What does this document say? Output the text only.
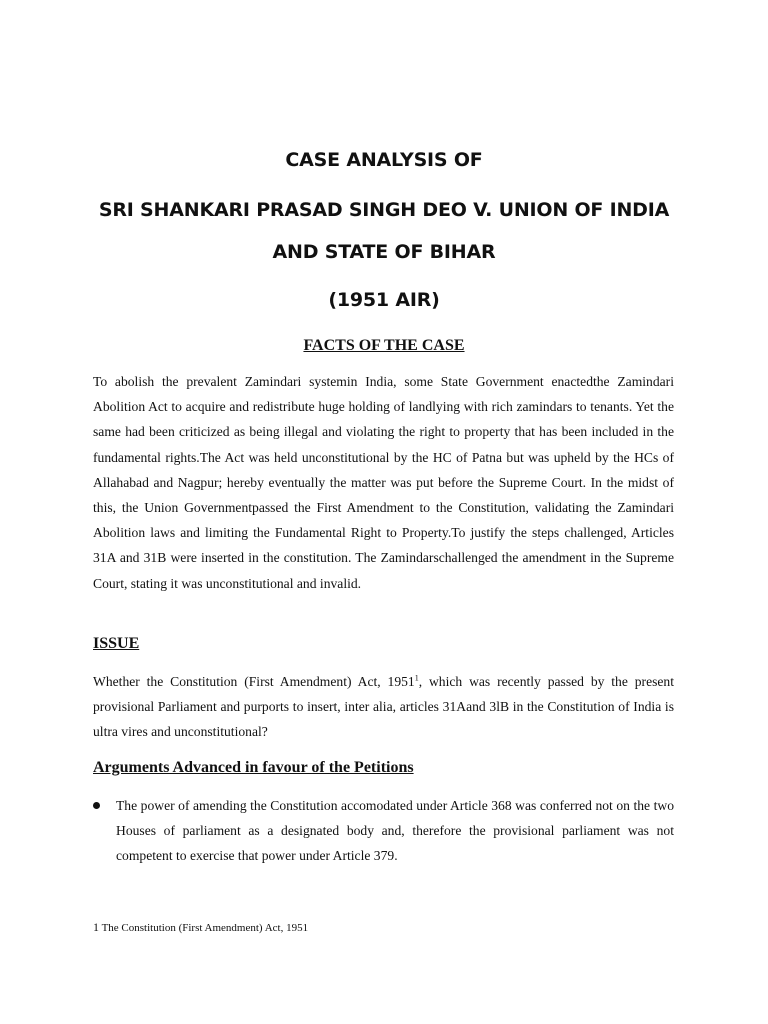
CASE ANALYSIS OF
SRI SHANKARI PRASAD SINGH DEO V. UNION OF INDIA
AND STATE OF BIHAR
(1951 AIR)
FACTS OF THE CASE
To abolish the prevalent Zamindari systemin India, some State Government enactedthe Zamindari Abolition Act to acquire and redistribute huge holding of landlying with rich zamindars to tenants. Yet the same had been criticized as being illegal and violating the right to property that has been included in the fundamental rights.The Act was held unconstitutional by the HC of Patna but was upheld by the HCs of Allahabad and Nagpur; hereby eventually the matter was put before the Supreme Court. In the midst of this, the Union Governmentpassed the First Amendment to the Constitution, validating the Zamindari Abolition laws and limiting the Fundamental Right to Property.To justify the steps challenged, Articles 31A and 31B were inserted in the constitution. The Zamindarschallenged the amendment in the Supreme Court, stating it was unconstitutional and invalid.
ISSUE
Whether the Constitution (First Amendment) Act, 1951$^1$, which was recently passed by the present provisional Parliament and purports to insert, inter alia, articles 31Aand 3lB in the Constitution of India is ultra vires and unconstitutional?
Arguments Advanced in favour of the Petitions
The power of amending the Constitution accomodated under Article 368 was conferred not on the two Houses of parliament as a designated body and, therefore the provisional parliament was not competent to exercise that power under Article 379.
1 The Constitution (First Amendment) Act, 1951
